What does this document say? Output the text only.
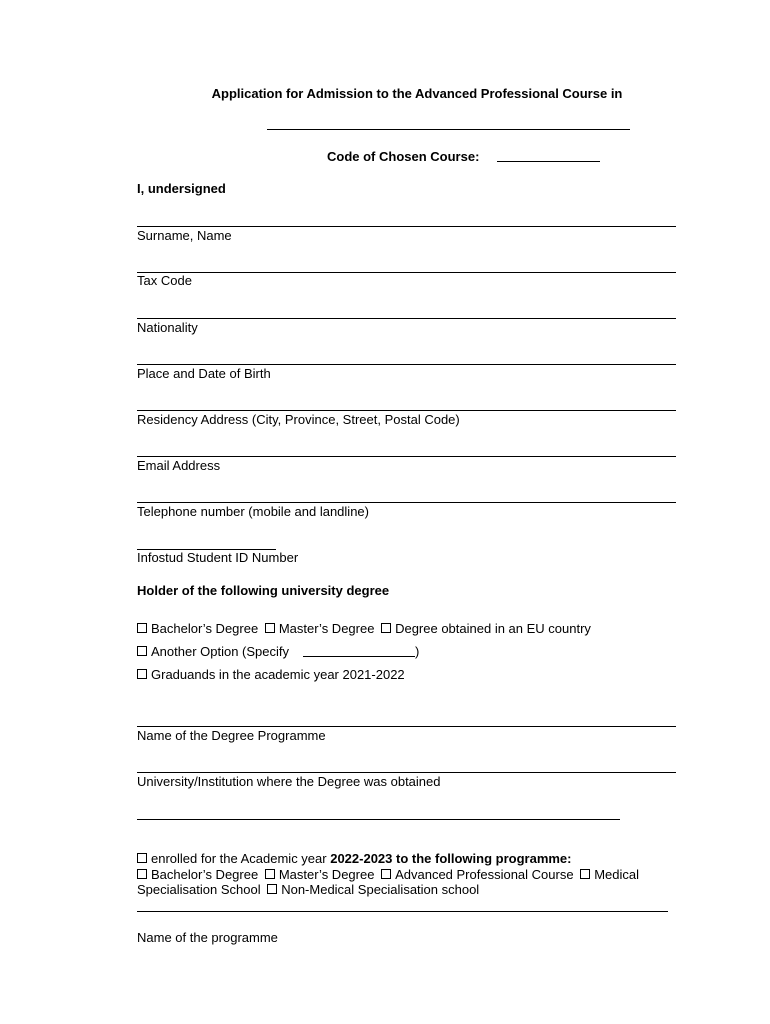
Application for Admission to the Advanced Professional Course in
Code of Chosen Course:
I, undersigned
Surname, Name
Tax Code
Nationality
Place and Date of Birth
Residency Address (City, Province, Street, Postal Code)
Email Address
Telephone number (mobile and landline)
Infostud Student ID Number
Holder of the following university degree
Bachelor’s Degree Master’s Degree Degree obtained in an EU country
Another Option (Specify	)
Graduands in the academic year 2021-2022
Name of the Degree Programme
University/Institution where the Degree was obtained
enrolled for the Academic year 2022-2023 to the following programme:
Bachelor’s Degree Master’s Degree Advanced Professional Course Medical
Specialisation School Non-Medical Specialisation school
Name of the programme
